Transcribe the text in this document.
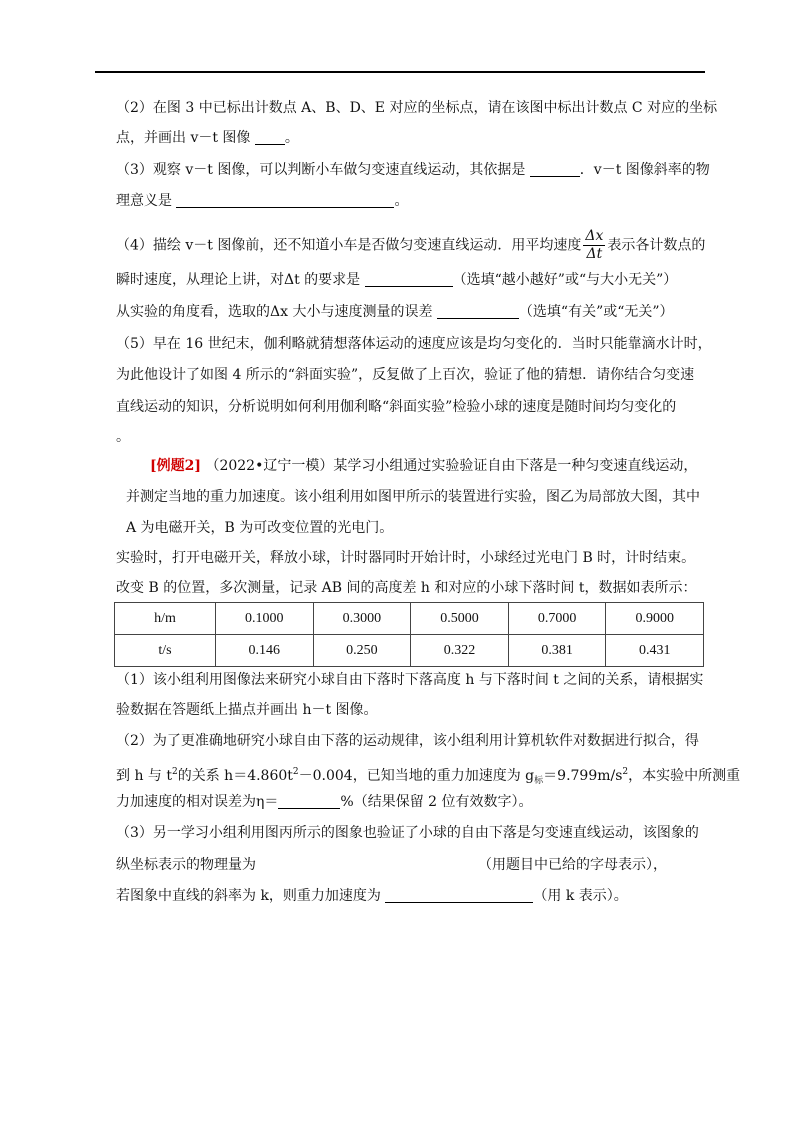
（2）在图 3 中已标出计数点 A、B、D、E 对应的坐标点，请在该图中标出计数点 C 对应的坐标
点，并画出 v－t 图像 。
（3）观察 v－t 图像，可以判断小车做匀变速直线运动，其依据是	．v－t 图像斜率的物
理意义是	。
（4）描绘 v－t 图像前，还不知道小车是否做匀变速直线运动．用平均速度 $\frac{\Delta x}{\Delta t}$ 表示各计数点的
瞬时速度，从理论上讲，对Δt 的要求是	（选填“越小越好”或“与大小无关”）
从实验的角度看，选取的Δx 大小与速度测量的误差	（选填“有关”或“无关”）
（5）早在 16 世纪末，伽利略就猜想落体运动的速度应该是均匀变化的．当时只能靠滴水计时，
为此他设计了如图 4 所示的“斜面实验”，反复做了上百次，验证了他的猜想．请你结合匀变速
直线运动的知识，分析说明如何利用伽利略“斜面实验”检验小球的速度是随时间均匀变化的
。
[例题2] （2022•辽宁一模）某学习小组通过实验验证自由下落是一种匀变速直线运动，
并测定当地的重力加速度。该小组利用如图甲所示的装置进行实验，图乙为局部放大图，其中
A 为电磁开关，B 为可改变位置的光电门。
实验时，打开电磁开关，释放小球，计时器同时开始计时，小球经过光电门 B 时，计时结束。
改变 B 的位置，多次测量，记录 AB 间的高度差 h 和对应的小球下落时间 t，数据如表所示：
h/m	0.1000	0.3000	0.5000	0.7000	0.9000
t/s	0.146	0.250	0.322	0.381	0.431
（1）该小组利用图像法来研究小球自由下落时下落高度 h 与下落时间 t 之间的关系，请根据实
验数据在答题纸上描点并画出 h－t 图像。
（2）为了更准确地研究小球自由下落的运动规律，该小组利用计算机软件对数据进行拟合，得
到 h 与 $t^2$的关系 $h=4.860t^2-0.004$，已知当地的重力加速度为 $g_标=9.799m/s^2$，本实验中所测重
力加速度的相对误差为η＝	%（结果保留 2 位有效数字）。
（3）另一学习小组利用图丙所示的图象也验证了小球的自由下落是匀变速直线运动，该图象的
纵坐标表示的物理量为	（用题目中已给的字母表示），
若图象中直线的斜率为 k，则重力加速度为	（用 k 表示）。
